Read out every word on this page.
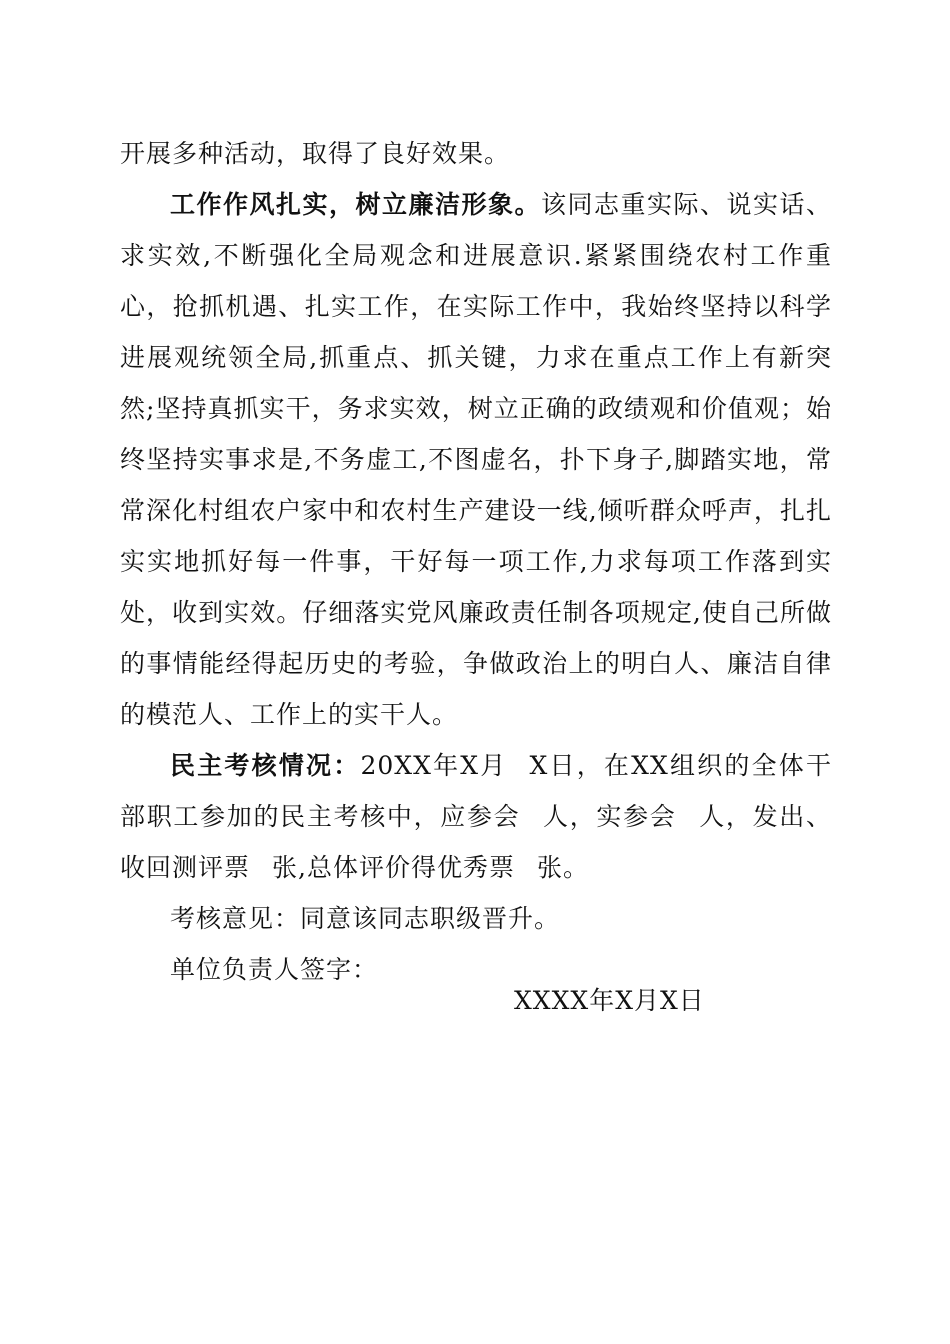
开展多种活动，取得了良好效果。

工作作风扎实，树立廉洁形象。该同志重实际、说实话、求实效,不断强化全局观念和进展意识.紧紧围绕农村工作重心，抢抓机遇、扎实工作，在实际工作中，我始终坚持以科学进展观统领全局,抓重点、抓关键，力求在重点工作上有新突然;坚持真抓实干，务求实效，树立正确的政绩观和价值观；始终坚持实事求是,不务虚工,不图虚名，扑下身子,脚踏实地，常常深化村组农户家中和农村生产建设一线,倾听群众呼声，扎扎实实地抓好每一件事，干好每一项工作,力求每项工作落到实处，收到实效。仔细落实党风廉政责任制各项规定,使自己所做的事情能经得起历史的考验，争做政治上的明白人、廉洁自律的模范人、工作上的实干人。

民主考核情况：20XX年X月 X日，在XX组织的全体干部职工参加的民主考核中，应参会 人，实参会 人，发出、收回测评票 张,总体评价得优秀票 张。

考核意见：同意该同志职级晋升。

单位负责人签字：

XXXX年X月X日
